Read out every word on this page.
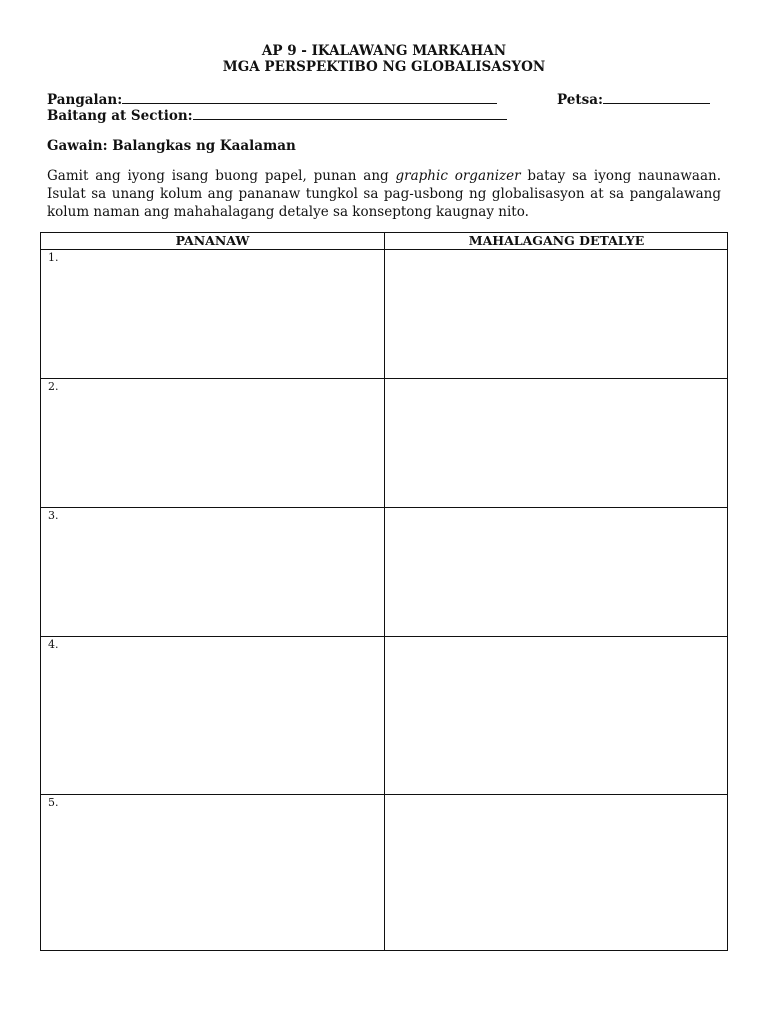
AP 9 - IKALAWANG MARKAHAN
MGA PERSPEKTIBO NG GLOBALISASYON
Pangalan:	Petsa:
Baitang at Section:
Gawain: Balangkas ng Kaalaman
Gamit ang iyong isang buong papel, punan ang graphic organizer batay sa iyong naunawaan. Isulat sa unang kolum ang pananaw tungkol sa pag-usbong ng globalisasyon at sa pangalawang kolum naman ang mahahalagang detalye sa konseptong kaugnay nito.
PANANAW	MAHALAGANG DETALYE
1.
2.
3.
4.
5.
